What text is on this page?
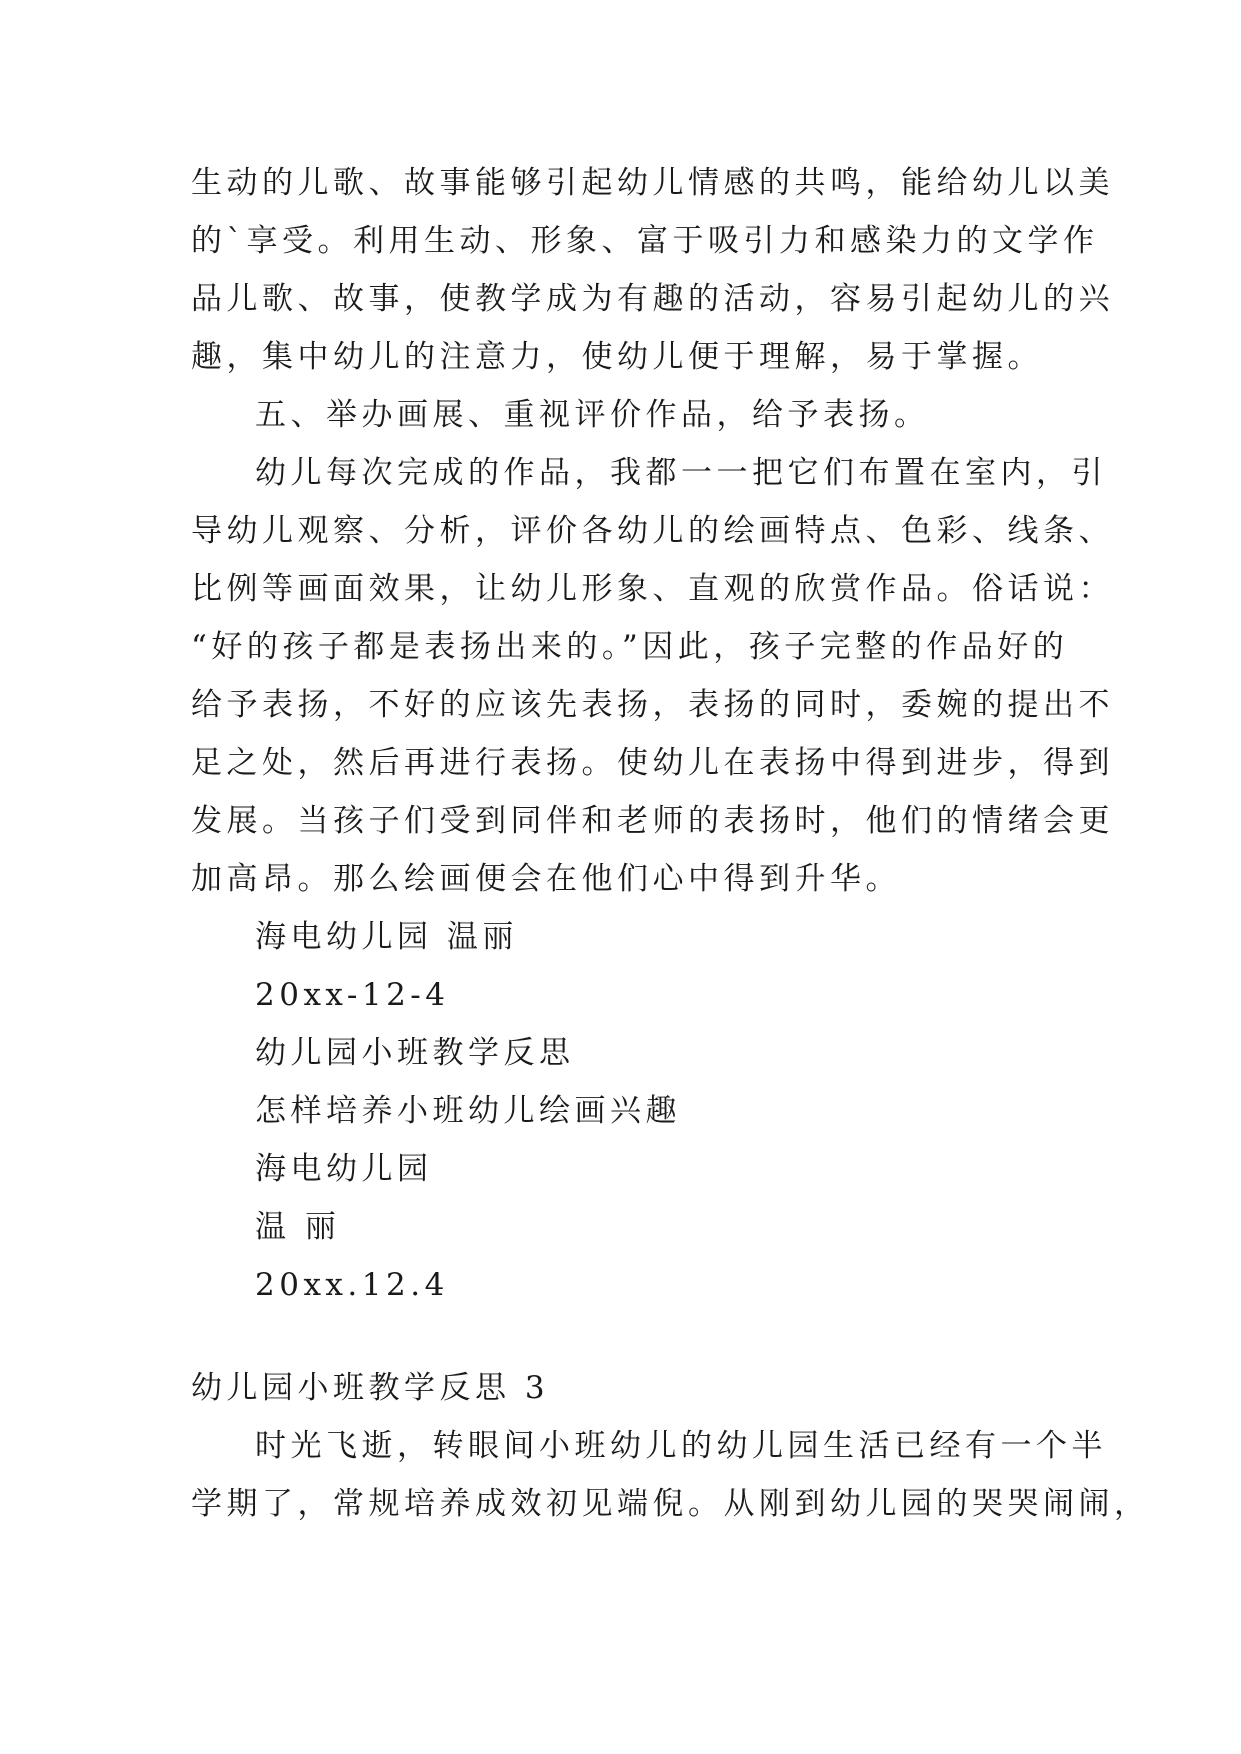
生动的儿歌、故事能够引起幼儿情感的共鸣，能给幼儿以美
的`享受。利用生动、形象、富于吸引力和感染力的文学作
品儿歌、故事，使教学成为有趣的活动，容易引起幼儿的兴
趣，集中幼儿的注意力，使幼儿便于理解，易于掌握。
五、举办画展、重视评价作品，给予表扬。
幼儿每次完成的作品，我都一一把它们布置在室内，引
导幼儿观察、分析，评价各幼儿的绘画特点、色彩、线条、
比例等画面效果，让幼儿形象、直观的欣赏作品。俗话说：
“好的孩子都是表扬出来的。”因此，孩子完整的作品好的
给予表扬，不好的应该先表扬，表扬的同时，委婉的提出不
足之处，然后再进行表扬。使幼儿在表扬中得到进步，得到
发展。当孩子们受到同伴和老师的表扬时，他们的情绪会更
加高昂。那么绘画便会在他们心中得到升华。
海电幼儿园 温丽
20xx-12-4
幼儿园小班教学反思
怎样培养小班幼儿绘画兴趣
海电幼儿园
温 丽
20xx.12.4
幼儿园小班教学反思 3
时光飞逝，转眼间小班幼儿的幼儿园生活已经有一个半
学期了，常规培养成效初见端倪。从刚到幼儿园的哭哭闹闹，
